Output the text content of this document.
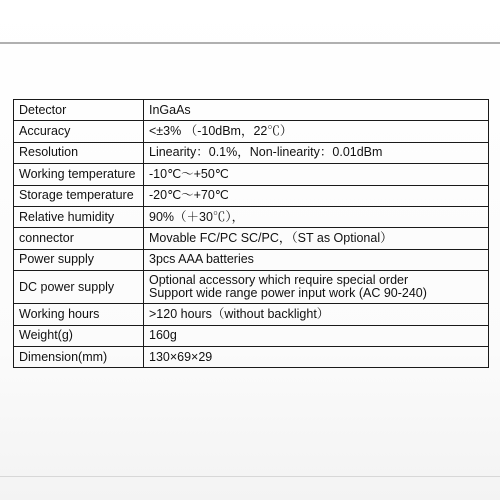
Detector	InGaAs

Accuracy	<±3% （-10dBm，22℃）

Resolution	Linearity：0.1%，Non-linearity：0.01dBm

Working temperature	-10℃～+50℃

Storage temperature	-20℃～+70℃

Relative humidity	90%（＋30℃），

connector	Movable FC/PC SC/PC，（ST as Optional）

Power supply	3pcs AAA batteries

DC power supply	Optional accessory which require special order
Support wide range power input work (AC 90-240)

Working hours	>120 hours（without backlight）

Weight(g)	160g

Dimension(mm)	130×69×29
